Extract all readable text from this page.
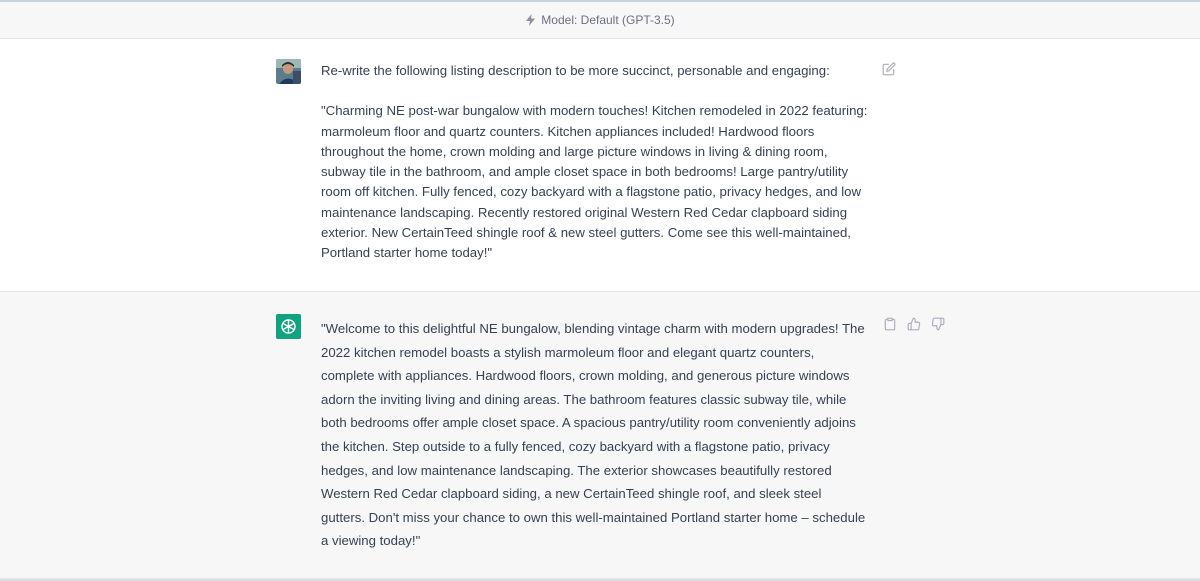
Model: Default (GPT-3.5)

Re-write the following listing description to be more succinct, personable and engaging:

"Charming NE post-war bungalow with modern touches! Kitchen remodeled in 2022 featuring: marmoleum floor and quartz counters. Kitchen appliances included! Hardwood floors throughout the home, crown molding and large picture windows in living & dining room, subway tile in the bathroom, and ample closet space in both bedrooms! Large pantry/utility room off kitchen. Fully fenced, cozy backyard with a flagstone patio, privacy hedges, and low maintenance landscaping. Recently restored original Western Red Cedar clapboard siding exterior. New CertainTeed shingle roof & new steel gutters. Come see this well-maintained, Portland starter home today!"

"Welcome to this delightful NE bungalow, blending vintage charm with modern upgrades! The 2022 kitchen remodel boasts a stylish marmoleum floor and elegant quartz counters, complete with appliances. Hardwood floors, crown molding, and generous picture windows adorn the inviting living and dining areas. The bathroom features classic subway tile, while both bedrooms offer ample closet space. A spacious pantry/utility room conveniently adjoins the kitchen. Step outside to a fully fenced, cozy backyard with a flagstone patio, privacy hedges, and low maintenance landscaping. The exterior showcases beautifully restored Western Red Cedar clapboard siding, a new CertainTeed shingle roof, and sleek steel gutters. Don't miss your chance to own this well-maintained Portland starter home – schedule a viewing today!"
